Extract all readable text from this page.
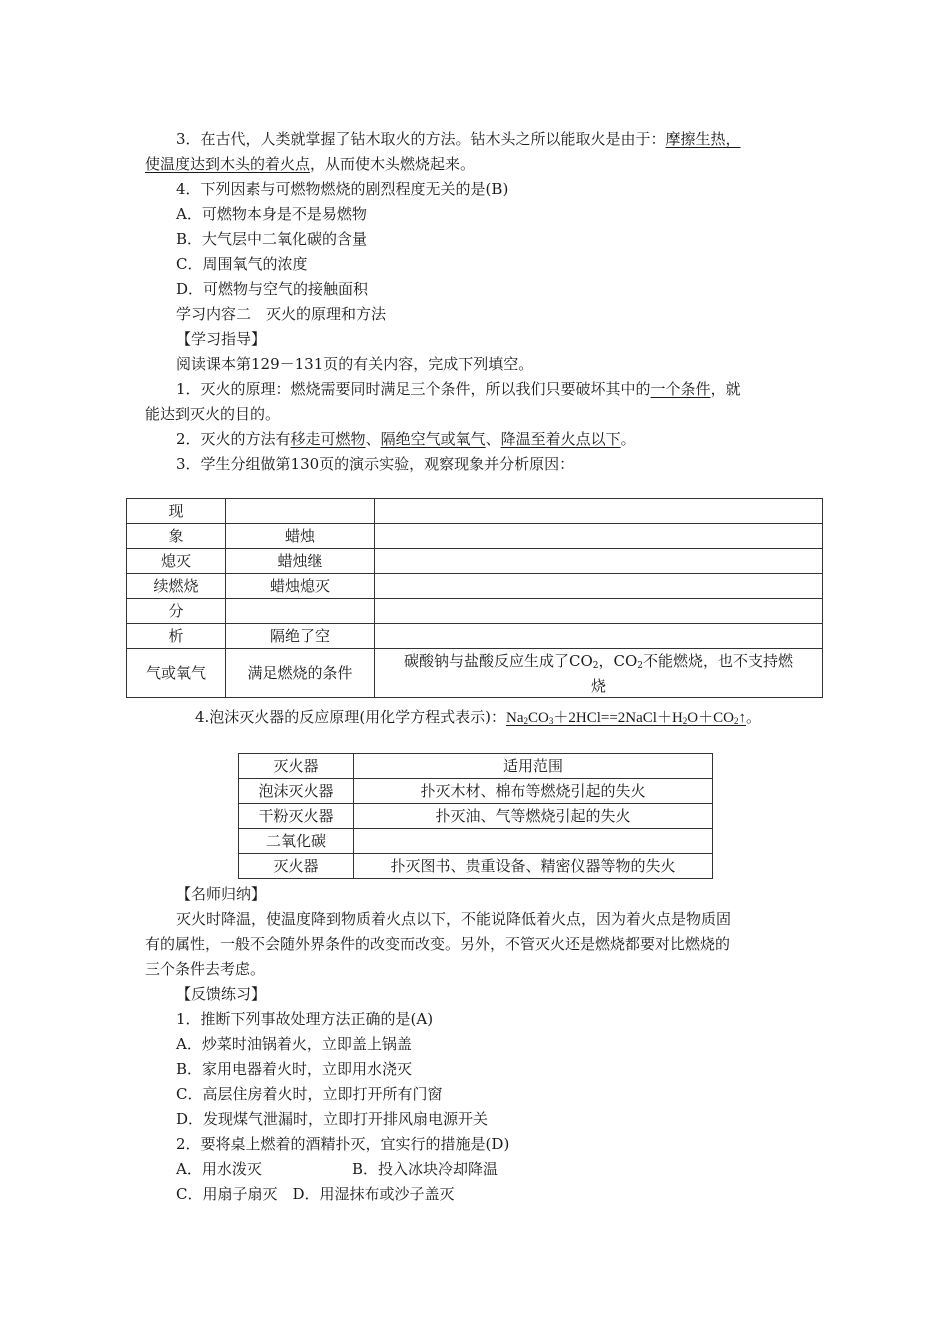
3．在古代，人类就掌握了钻木取火的方法。钻木头之所以能取火是由于：摩擦生热，
使温度达到木头的着火点，从而使木头燃烧起来。
4．下列因素与可燃物燃烧的剧烈程度无关的是(B)
A．可燃物本身是不是易燃物
B．大气层中二氧化碳的含量
C．周围氧气的浓度
D．可燃物与空气的接触面积
学习内容二　灭火的原理和方法
【学习指导】
阅读课本第129－131页的有关内容，完成下列填空。
1．灭火的原理：燃烧需要同时满足三个条件，所以我们只要破坏其中的一个条件，就
能达到灭火的目的。
2．灭火的方法有移走可燃物、隔绝空气或氧气、降温至着火点以下。
3．学生分组做第130页的演示实验，观察现象并分析原因：
现		
象	蜡烛	
熄灭	蜡烛继	
续燃烧	蜡烛熄灭	
分		
析	隔绝了空	
气或氧气	满足燃烧的条件	碳酸钠与盐酸反应生成了$CO_2$，$CO_2$不能燃烧，也不支持燃
烧
4.泡沫灭火器的反应原理(用化学方程式表示)：$Na_2CO_3+2HCl==2NaCl+H_2O+CO_2↑$。
灭火器	适用范围
泡沫灭火器	扑灭木材、棉布等燃烧引起的失火
干粉灭火器	扑灭油、气等燃烧引起的失火
二氧化碳	
灭火器	扑灭图书、贵重设备、精密仪器等物的失火
【名师归纳】
灭火时降温，使温度降到物质着火点以下，不能说降低着火点，因为着火点是物质固
有的属性，一般不会随外界条件的改变而改变。另外，不管灭火还是燃烧都要对比燃烧的
三个条件去考虑。
【反馈练习】
1．推断下列事故处理方法正确的是(A)
A．炒菜时油锅着火，立即盖上锅盖
B．家用电器着火时，立即用水浇灭
C．高层住房着火时，立即打开所有门窗
D．发现煤气泄漏时，立即打开排风扇电源开关
2．要将桌上燃着的酒精扑灭，宜实行的措施是(D)
A．用水泼灭	B．投入冰块冷却降温
C．用扇子扇灭　D．用湿抹布或沙子盖灭
